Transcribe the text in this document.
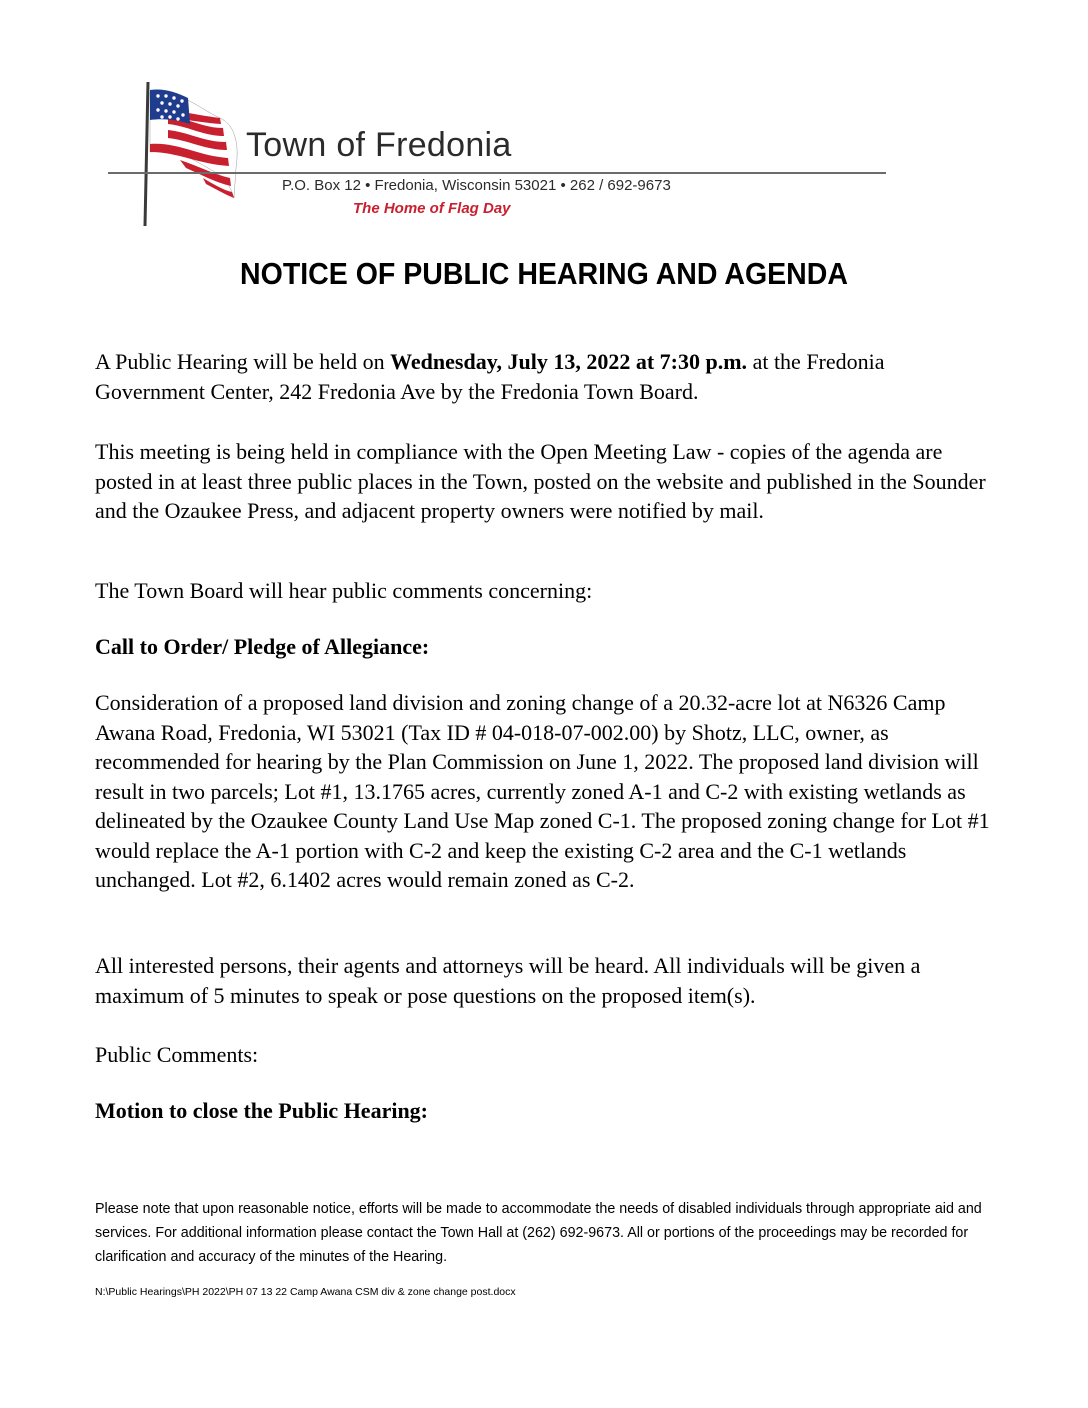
Town of Fredonia
P.O. Box 12 • Fredonia, Wisconsin 53021 • 262 / 692-9673
The Home of Flag Day
NOTICE OF PUBLIC HEARING AND AGENDA

A Public Hearing will be held on Wednesday, July 13, 2022 at 7:30 p.m. at the Fredonia Government Center, 242 Fredonia Ave by the Fredonia Town Board.

This meeting is being held in compliance with the Open Meeting Law - copies of the agenda are posted in at least three public places in the Town, posted on the website and published in the Sounder and the Ozaukee Press, and adjacent property owners were notified by mail.

The Town Board will hear public comments concerning:

Call to Order/ Pledge of Allegiance:

Consideration of a proposed land division and zoning change of a 20.32-acre lot at N6326 Camp Awana Road, Fredonia, WI 53021 (Tax ID # 04-018-07-002.00) by Shotz, LLC, owner, as recommended for hearing by the Plan Commission on June 1, 2022. The proposed land division will result in two parcels; Lot #1, 13.1765 acres, currently zoned A-1 and C-2 with existing wetlands as delineated by the Ozaukee County Land Use Map zoned C-1. The proposed zoning change for Lot #1 would replace the A-1 portion with C-2 and keep the existing C-2 area and the C-1 wetlands unchanged. Lot #2, 6.1402 acres would remain zoned as C-2.

All interested persons, their agents and attorneys will be heard. All individuals will be given a maximum of 5 minutes to speak or pose questions on the proposed item(s).

Public Comments:

Motion to close the Public Hearing:

Please note that upon reasonable notice, efforts will be made to accommodate the needs of disabled individuals through appropriate aid and services. For additional information please contact the Town Hall at (262) 692-9673. All or portions of the proceedings may be recorded for clarification and accuracy of the minutes of the Hearing.

N:\Public Hearings\PH 2022\PH 07 13 22 Camp Awana CSM div & zone change post.docx
